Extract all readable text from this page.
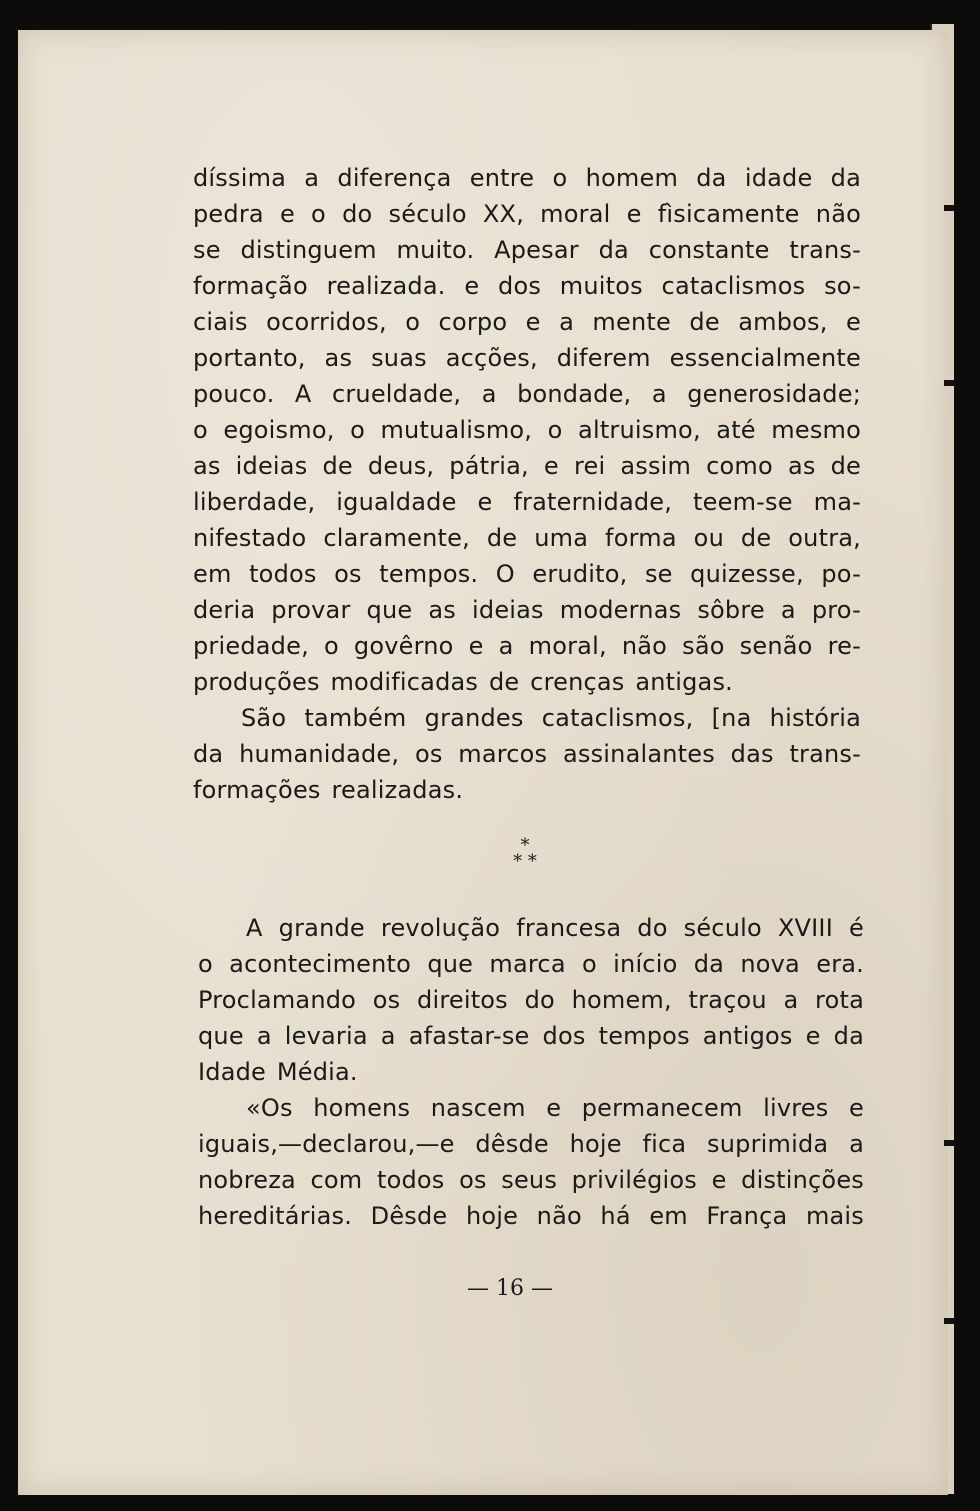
díssima a diferença entre o homem da idade da
pedra e o do século XX, moral e fìsicamente não
se distinguem muito. Apesar da constante trans-
formação realizada. e dos muitos cataclismos so-
ciais ocorridos, o corpo e a mente de ambos, e
portanto, as suas acções, diferem essencialmente
pouco. A crueldade, a bondade, a generosidade;
o egoismo, o mutualismo, o altruismo, até mesmo
as ideias de deus, pátria, e rei assim como as de
liberdade, igualdade e fraternidade, teem-se ma-
nifestado claramente, de uma forma ou de outra,
em todos os tempos. O erudito, se quizesse, po-
deria provar que as ideias modernas sôbre a pro-
priedade, o govêrno e a moral, não são senão re-
produções modificadas de crenças antigas.
São também grandes cataclismos, [na história
da humanidade, os marcos assinalantes das trans-
formações realizadas.
*
* *
A grande revolução francesa do século XVIII é
o acontecimento que marca o início da nova era.
Proclamando os direitos do homem, traçou a rota
que a levaria a afastar-se dos tempos antigos e da
Idade Média.
«Os homens nascem e permanecem livres e
iguais,—declarou,—e dêsde hoje fica suprimida a
nobreza com todos os seus privilégios e distinções
hereditárias. Dêsde hoje não há em França mais
— 16 —
